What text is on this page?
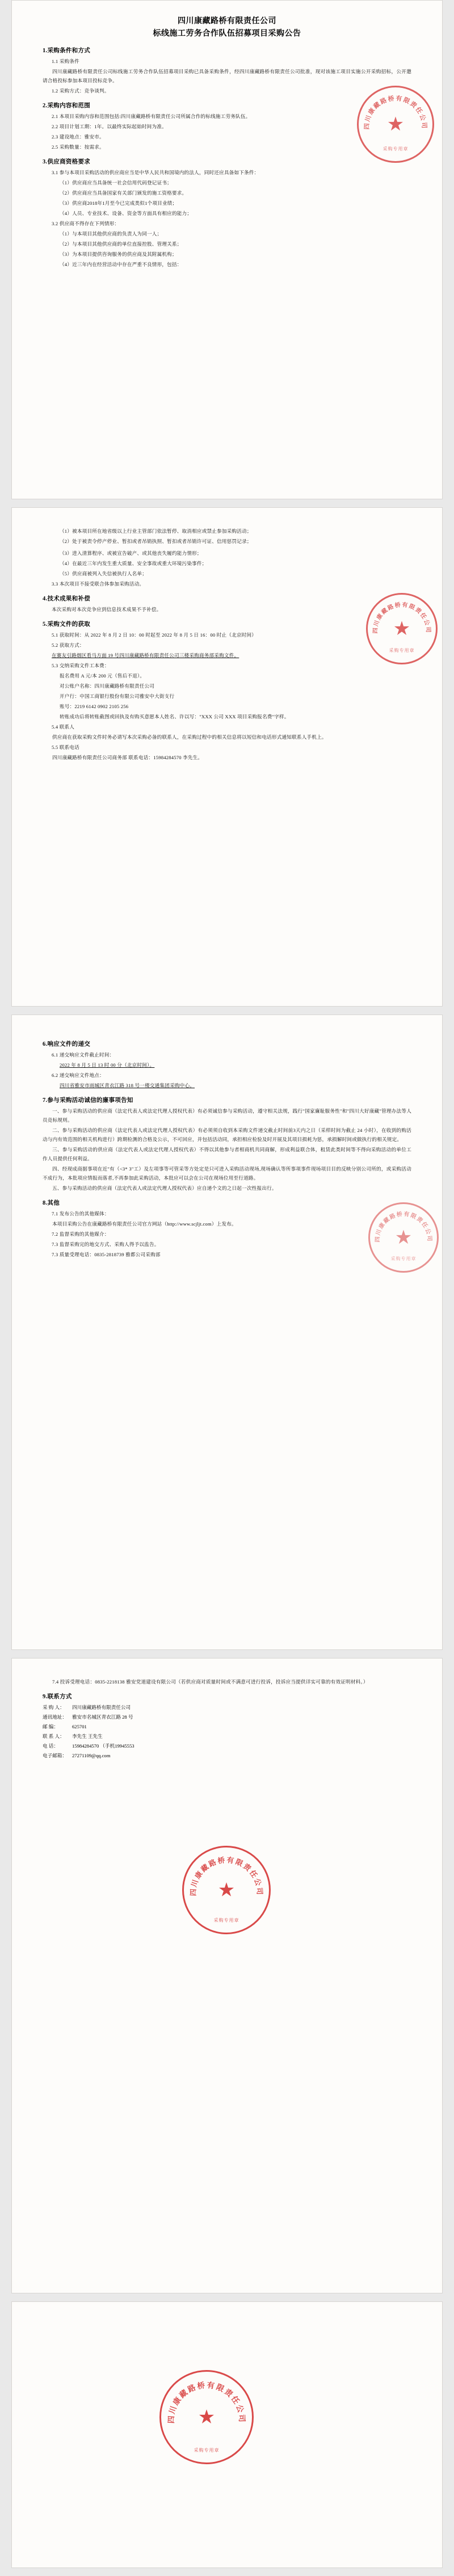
四川康藏路桥有限责任公司
标线施工劳务合作队伍招募项目采购公告
1.采购条件和方式
1.1 采购条件
四川康藏路桥有限责任公司标线施工劳务合作队伍招募项目采购已具备采购条件，经四川康藏路桥有限责任公司批准，现对该施工项目实施公开采购招标，公开邀请合格投标参加本项目投标竞争。
1.2 采购方式：竞争谈判。
2.采购内容和范围
2.1 本项目采购内容和范围包括:四川康藏路桥有限责任公司所属合作的标线施工劳务队伍。
2.2 项目计划工期：1年。以最终实际起始时间为准。
2.3 建设地点：雅安市。
2.5 采购数量：按需求。
3.供应商资格要求
3.1 参与本项目采购活动的供应商应当是中华人民共和国境内的法人，同时还应具备如下条件：
（1）供应商应当具备统一社会信用代码登记证书；
（2）供应商应当具备国家有关部门颁发的施工资格要求。
（3）供应商2018年1月至今已完成类似1个项目业绩；
（4）人员、专业技术、设备、资金等方面具有相应的能力；
3.2 供应商不得存在下列情形：
（1）与本项目其他供应商的负责人为同一人；
（2）与本项目其他供应商的单位直接控股、管理关系；
（3）为本项目提供咨询服务的供应商及其附属机构；
（4）近三年内在经营活动中存在严重不良情形，包括：
四川康藏路桥有限责任公司
★
采购专用章
（1）被本项目所在地省级以上行业主管部门依法暂停、取消相应或禁止参加采购活动；
（2）处于被责令停产停业、暂扣或者吊销执照、暂扣或者吊销许可证、信用惩罚记录；
（3）进入清算程序、或被宣告破产、或其他丧失履约能力情形；
（4）在最近三年内发生重大质量、安全事故或重大环境污染事件；
（5）供应商被列入失信被执行人名单；
3.3 本次项目不接受联合体参加采购活动。
4.技术成果和补偿
本次采购对本次竞争应到信息技术成果不予补偿。
5.采购文件的获取
5.1 获取时间：从 2022 年 8 月 2 日 10：00 时起至 2022 年 8 月 5 日 16：00 时止（北京时间）
5.2 获取方式：
在赛友引路烟区看马方面 19 号四川康藏路桥有限责任公司三楼采购商务部采购文件。
5.3 交纳采购文件工本费：
报名费用 A 元/本 200 元（售后不退）。
对公账户名称：四川康藏路桥有限责任公司
开户行：中国工商银行股份有限公司雅安中大街支行
账号：2219 6142 0902 2105 256
转账成功后将转账截图或回执及有购买意愿本人姓名、许以写："XXX 公司 XXX 项目采购报名费"字样。
5.4 联系人
供应商在获取采购文件时务必请写本次采购必备的联系人，在采购过程中的相关信息将以短信和电话形式通知联系人手机上。
5.5 联系电话
四川康藏路桥有限责任公司商务部 联系电话：15984284570 李先生。
四川康藏路桥有限责任公司
★
采购专用章
6.响应文件的递交
6.1 递交响应文件截止时间：
2022 年 8 月 5 日 13 时 00 分（北京时间）。
6.2 递交响应文件地点：
四川省雅安市雨城区青衣江路 318 号一楼交通集团采购中心。
7.参与采购活动诚信的廉事项告知
一、参与采购活动的供应商（法定代表人或法定代理人授权代表）有必须诚信参与采购活动，遵守相关法规，践行"国家廉耻服务性"和"四川大好康藏"管理办法等人员竞标规则。
二、参与采购活动的供应商（法定代表人或法定代理人授权代表）有必须须自收到本采购文件递交截止时间前3天内之日（采样时间为截止 24 小时），在收到的购活动与内有效范围的相关机构进行）跨期检测的合格及公示，不可回应，并包括活动同，承担相应检验及时开展及其项目损耗为惩，承损解时间或做执行的相关规定。
三、参与采购活动的供应商（法定代表人或法定代理人授权代表）不得以其他参与者相商机共同商解，形成利益联合体，租赁此类时间等不得向采购活动的单位工作人员提供任何利益。
四、经现成商据事项在近"有（<3* 3"工）及左项事等可管采等方处定是只可进入采购活动现场,现场确认等所事项事件现场项目目的反映分别公司所的，或采购活动不成行为，本批项应情报而落者,不再参加此采购活动，本批应可以会在公司在现场位用至行道路。
五、参与采购活动的供应商（法定代表人或法定代理人授权代表）应自递个文的之日起一次性报出行。
8.其他
7.1 发布公告的其他媒体：
本项目采购公告在康藏路桥有限责任公司官方网站（http://www.scjljt.com）上发布。
7.2 监督采购的其他媒介：
7.3 监督采购完的地交方式、采购人得予以监告。
7.3 质量受理电话：0835-2818739 雅都公司采购部
四川康藏路桥有限责任公司
★
采购专用章
7.4 投诉受理电话：0835-2218138 雅安党道建设有限公司（若供应商对质量时间或不满意可进行投诉，投诉应当提供详实可靠的有效证明材料。）
9.联系方式
采 购 人： 四川康藏路桥有限责任公司
通讯地址： 雅安市名城区青衣江路 28 号
邮 编：	625701
联 系 人： 李先生 王先生
电 话：	15984284570 （手机19945553
电子邮箱： 27271109@qq.com
四川康藏路桥有限责任公司
★
采购专用章
四川康藏路桥有限责任公司
★
采购专用章
